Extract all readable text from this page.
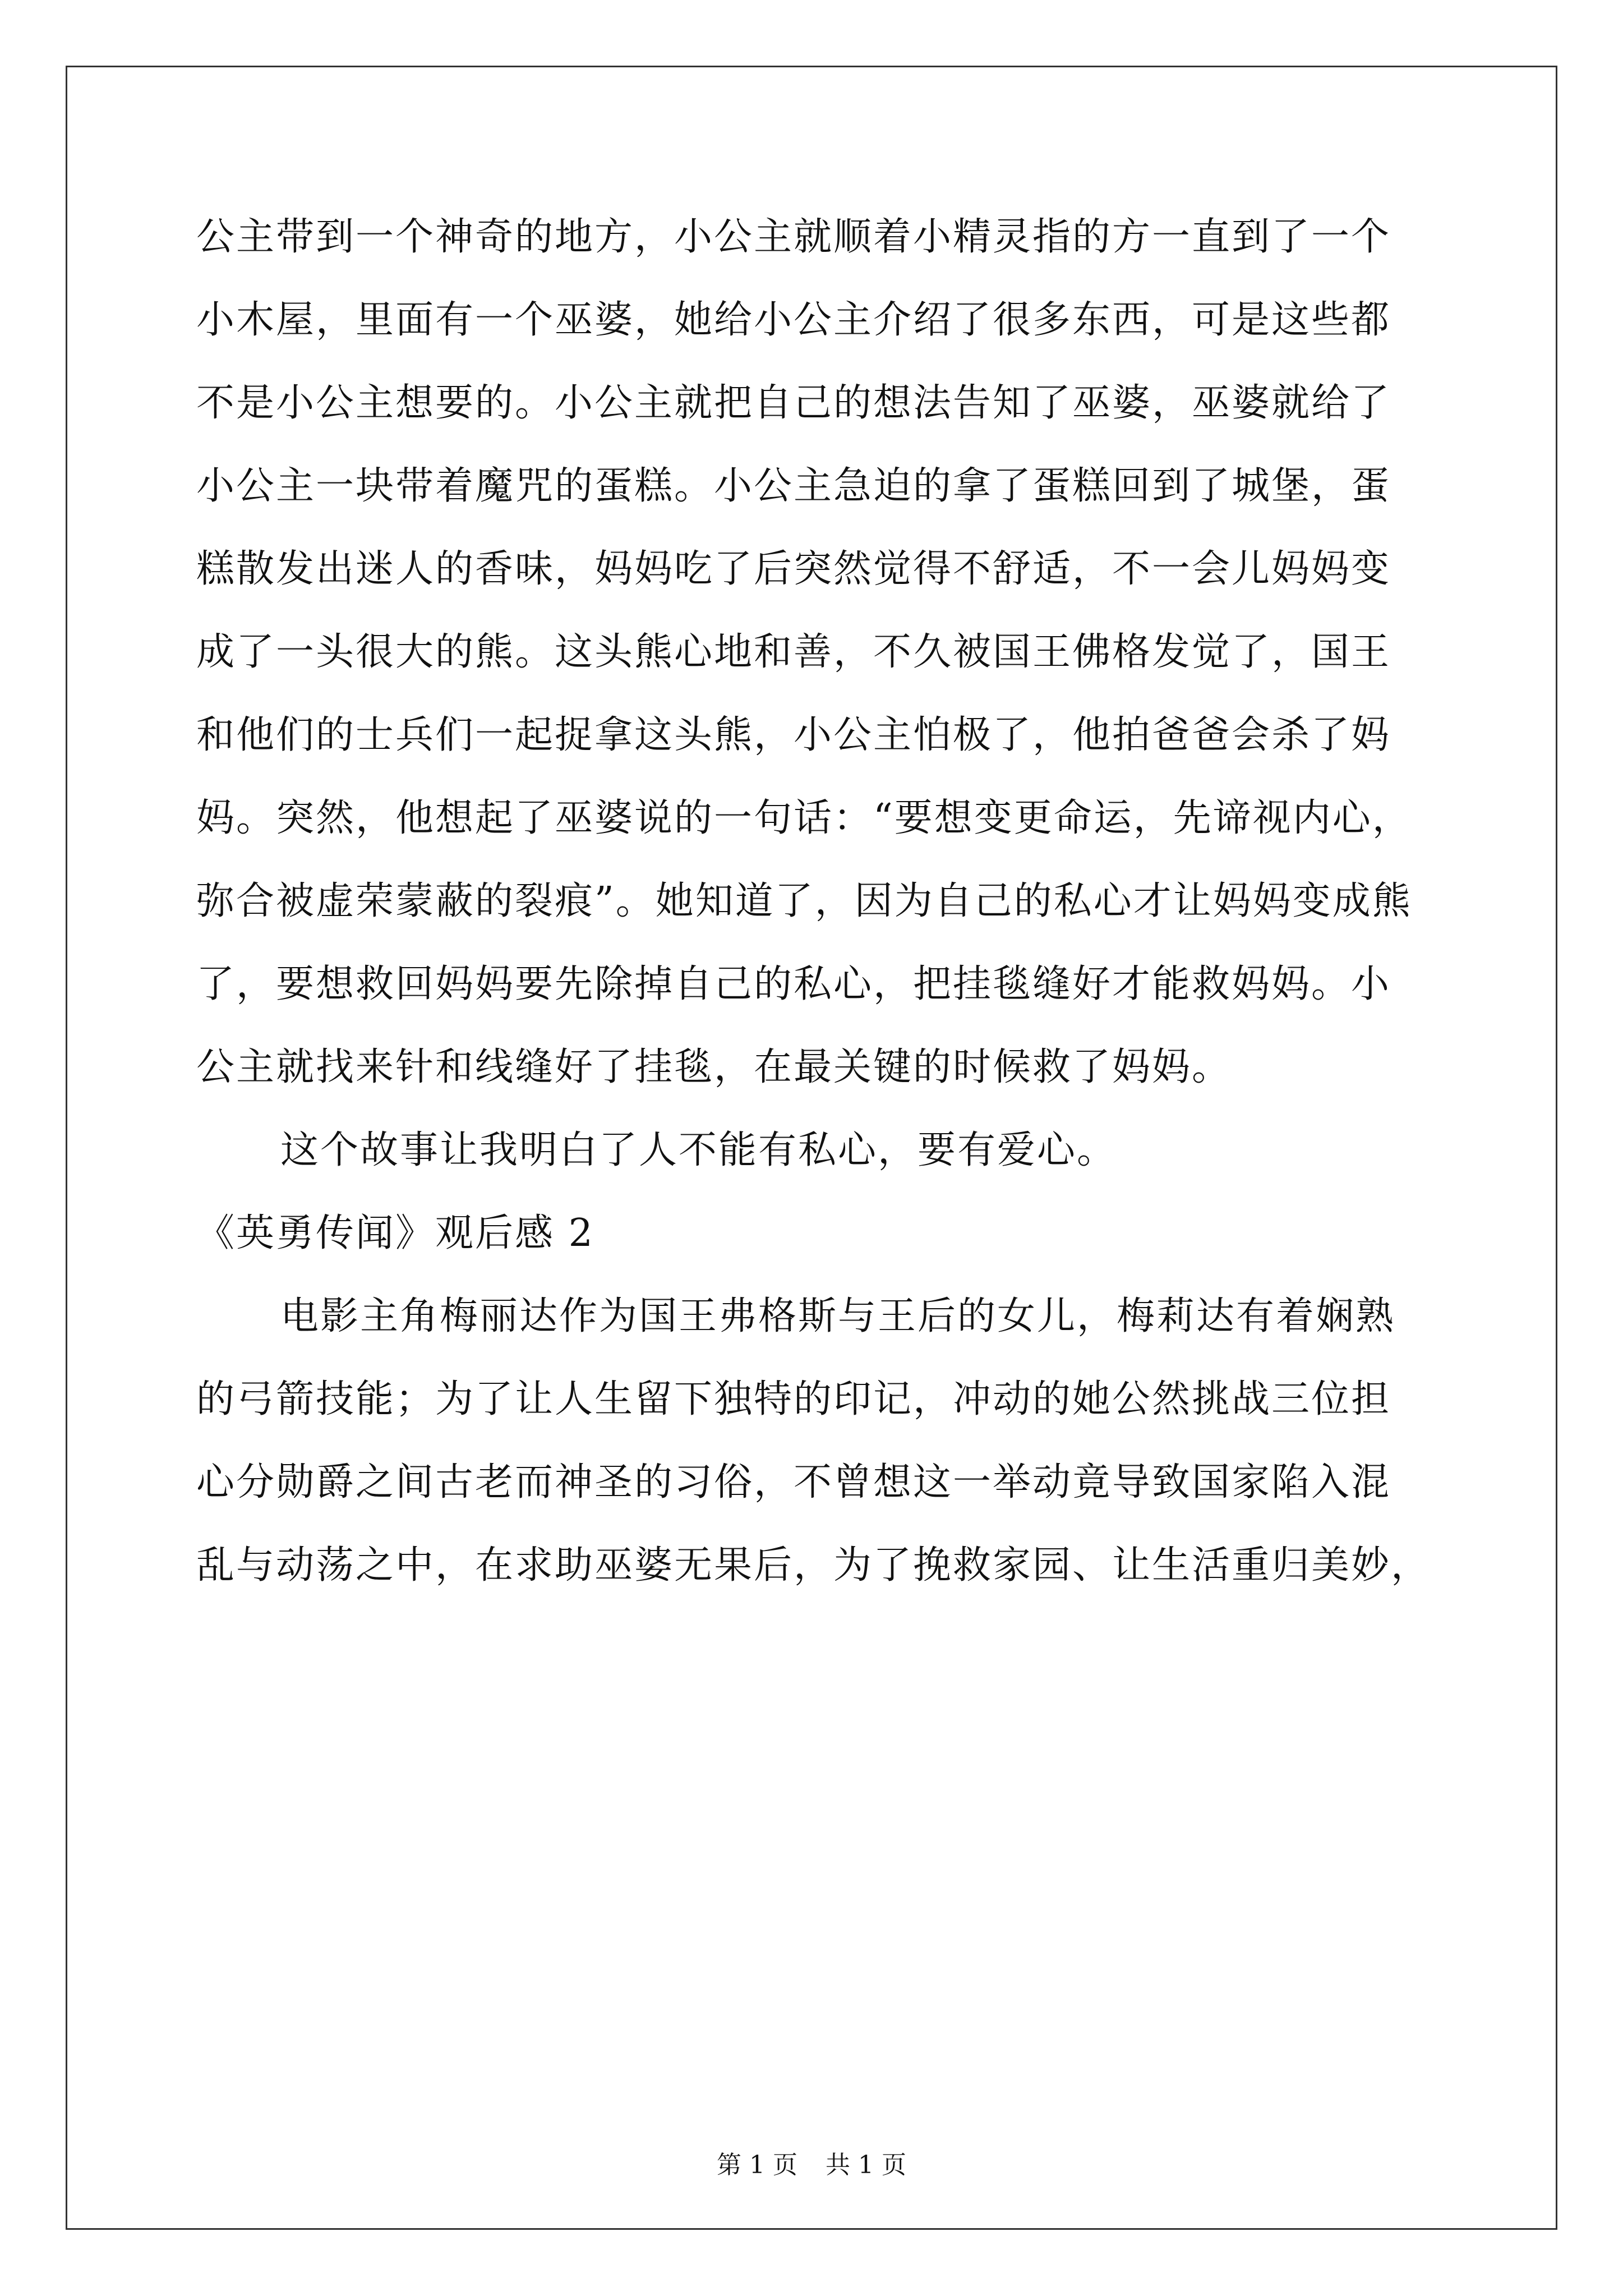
公主带到一个神奇的地方，小公主就顺着小精灵指的方一直到了一个
小木屋，里面有一个巫婆，她给小公主介绍了很多东西，可是这些都
不是小公主想要的。小公主就把自己的想法告知了巫婆，巫婆就给了
小公主一块带着魔咒的蛋糕。小公主急迫的拿了蛋糕回到了城堡，蛋
糕散发出迷人的香味，妈妈吃了后突然觉得不舒适，不一会儿妈妈变
成了一头很大的熊。这头熊心地和善，不久被国王佛格发觉了，国王
和他们的士兵们一起捉拿这头熊，小公主怕极了，他拍爸爸会杀了妈
妈。突然，他想起了巫婆说的一句话：“要想变更命运，先谛视内心，
弥合被虚荣蒙蔽的裂痕”。她知道了，因为自己的私心才让妈妈变成熊
了，要想救回妈妈要先除掉自己的私心，把挂毯缝好才能救妈妈。小
公主就找来针和线缝好了挂毯，在最关键的时候救了妈妈。
这个故事让我明白了人不能有私心，要有爱心。
《英勇传闻》观后感 2
电影主角梅丽达作为国王弗格斯与王后的女儿，梅莉达有着娴熟
的弓箭技能；为了让人生留下独特的印记，冲动的她公然挑战三位担
心分勋爵之间古老而神圣的习俗，不曾想这一举动竟导致国家陷入混
乱与动荡之中，在求助巫婆无果后，为了挽救家园、让生活重归美妙，
第 1 页 共 1 页
